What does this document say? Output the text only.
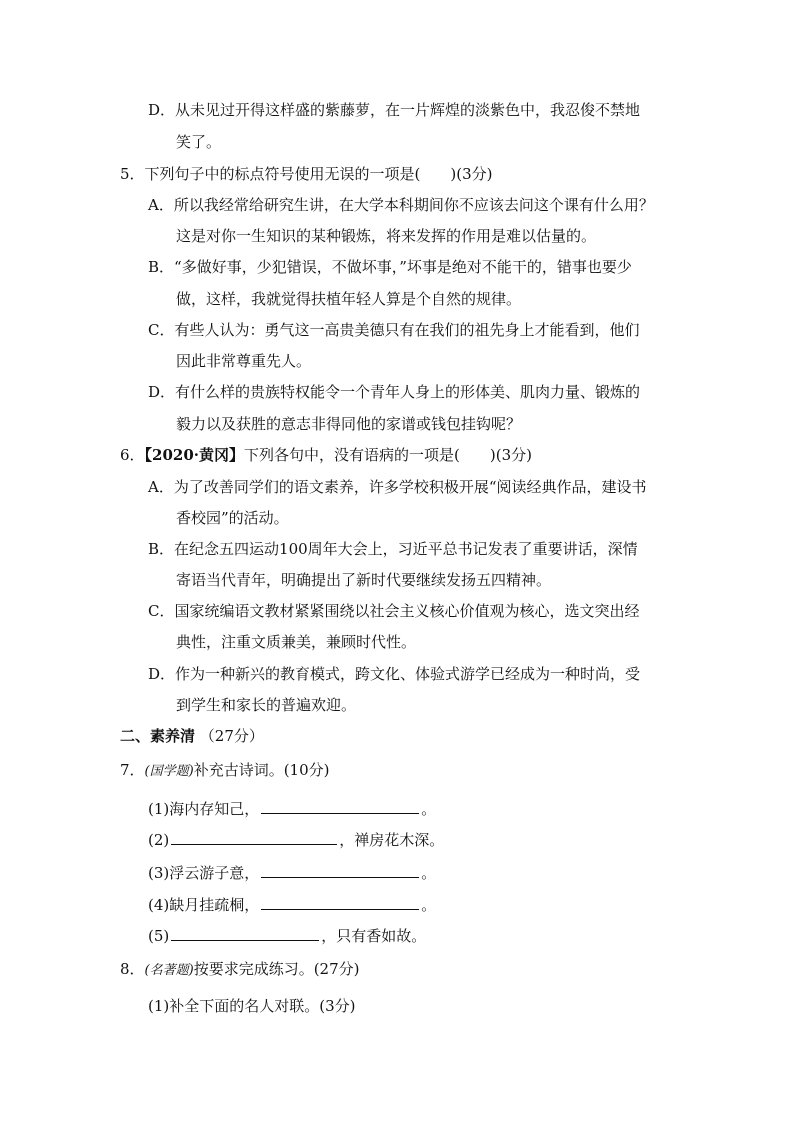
D．从未见过开得这样盛的紫藤萝，在一片辉煌的淡紫色中，我忍俊不禁地
笑了。
5．下列句子中的标点符号使用无误的一项是(　　)(3分)
A．所以我经常给研究生讲，在大学本科期间你不应该去问这个课有什么用？
这是对你一生知识的某种锻炼，将来发挥的作用是难以估量的。
B．“多做好事，少犯错误，不做坏事，”坏事是绝对不能干的，错事也要少
做，这样，我就觉得扶植年轻人算是个自然的规律。
C．有些人认为：勇气这一高贵美德只有在我们的祖先身上才能看到，他们
因此非常尊重先人。
D．有什么样的贵族特权能令一个青年人身上的形体美、肌肉力量、锻炼的
毅力以及获胜的意志非得同他的家谱或钱包挂钩呢？
6．【2020·黄冈】下列各句中，没有语病的一项是(　　)(3分)
A．为了改善同学们的语文素养，许多学校积极开展“阅读经典作品，建设书
香校园”的活动。
B．在纪念五四运动100周年大会上，习近平总书记发表了重要讲话，深情
寄语当代青年，明确提出了新时代要继续发扬五四精神。
C．国家统编语文教材紧紧围绕以社会主义核心价值观为核心，选文突出经
典性，注重文质兼美，兼顾时代性。
D．作为一种新兴的教育模式，跨文化、体验式游学已经成为一种时尚，受
到学生和家长的普遍欢迎。
二、素养清 （27分）
7．(国学题)补充古诗词。(10分)
(1)海内存知己，	。
(2)	，禅房花木深。
(3)浮云游子意，	。
(4)缺月挂疏桐，	。
(5)	，只有香如故。
8．(名著题)按要求完成练习。(27分)
(1)补全下面的名人对联。(3分)
